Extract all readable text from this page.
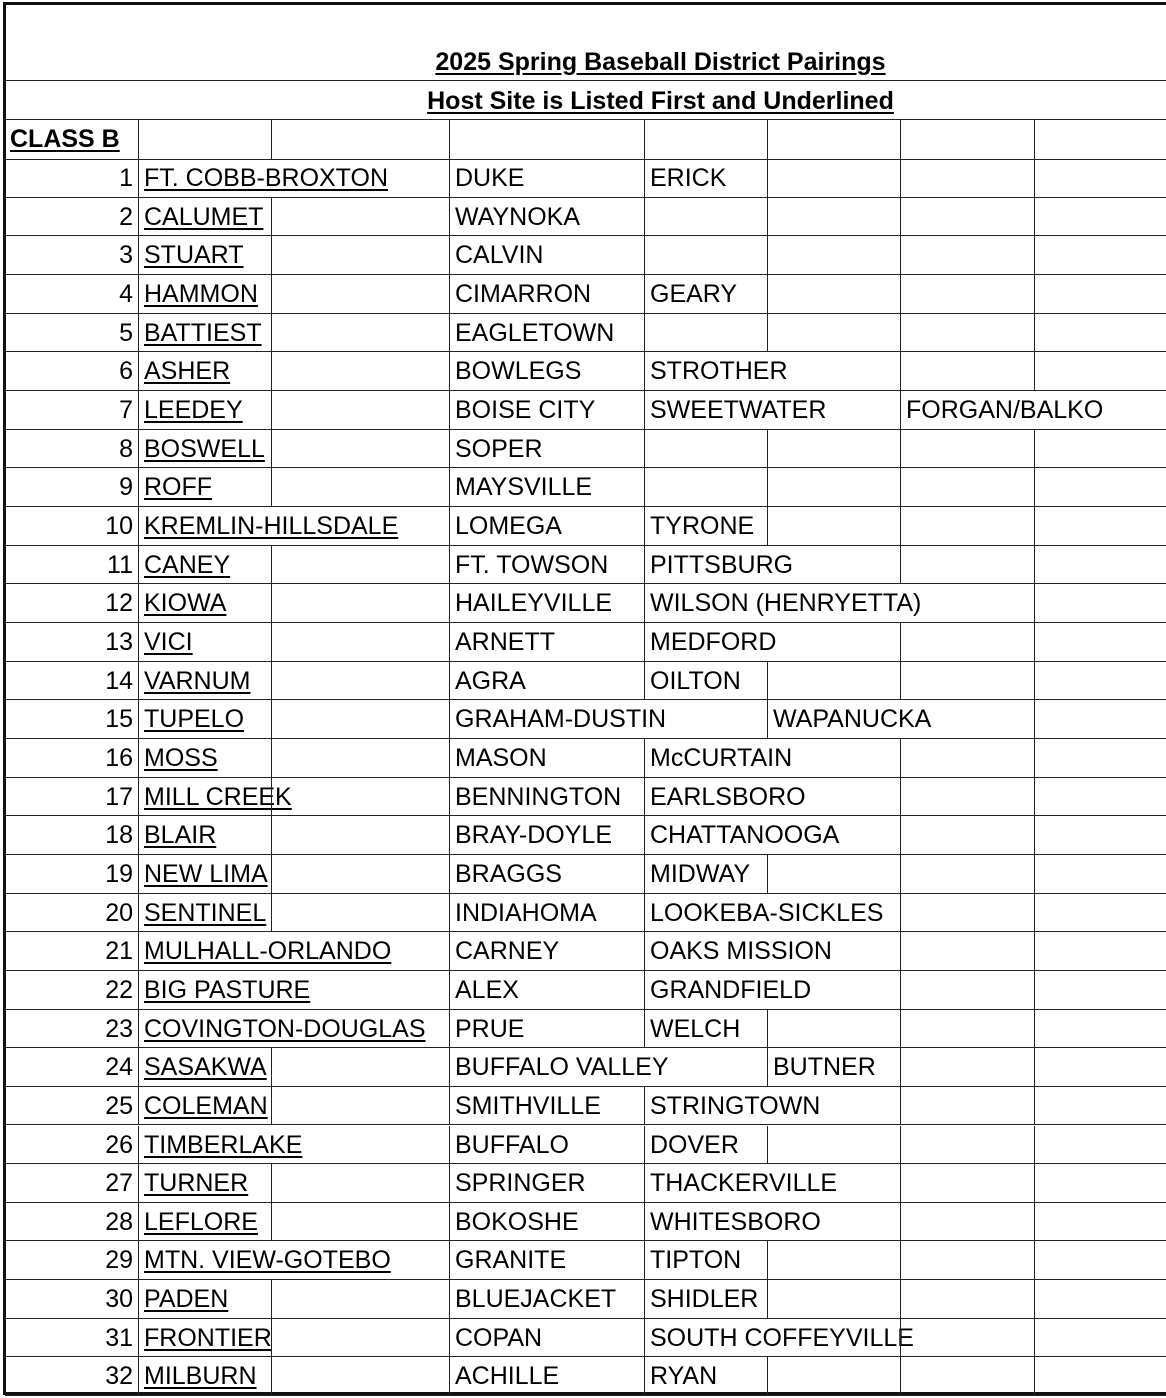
2025 Spring Baseball District Pairings
Host Site is Listed First and Underlined
CLASS B
1 FT. COBB-BROXTON	DUKE	ERICK
2 CALUMET	WAYNOKA
3 STUART	CALVIN
4 HAMMON	CIMARRON	GEARY
5 BATTIEST	EAGLETOWN
6 ASHER	BOWLEGS	STROTHER
7 LEEDEY	BOISE CITY	SWEETWATER	FORGAN/BALKO
8 BOSWELL	SOPER
9 ROFF	MAYSVILLE
10 KREMLIN-HILLSDALE	LOMEGA	TYRONE
11 CANEY	FT. TOWSON	PITTSBURG
12 KIOWA	HAILEYVILLE	WILSON (HENRYETTA)
13 VICI	ARNETT	MEDFORD
14 VARNUM	AGRA	OILTON
15 TUPELO	GRAHAM-DUSTIN	WAPANUCKA
16 MOSS	MASON	McCURTAIN
17 MILL CREEK	BENNINGTON	EARLSBORO
18 BLAIR	BRAY-DOYLE	CHATTANOOGA
19 NEW LIMA	BRAGGS	MIDWAY
20 SENTINEL	INDIAHOMA	LOOKEBA-SICKLES
21 MULHALL-ORLANDO	CARNEY	OAKS MISSION
22 BIG PASTURE	ALEX	GRANDFIELD
23 COVINGTON-DOUGLAS	PRUE	WELCH
24 SASAKWA	BUFFALO VALLEY	BUTNER
25 COLEMAN	SMITHVILLE	STRINGTOWN
26 TIMBERLAKE	BUFFALO	DOVER
27 TURNER	SPRINGER	THACKERVILLE
28 LEFLORE	BOKOSHE	WHITESBORO
29 MTN. VIEW-GOTEBO	GRANITE	TIPTON
30 PADEN	BLUEJACKET	SHIDLER
31 FRONTIER	COPAN	SOUTH COFFEYVILLE
32 MILBURN	ACHILLE	RYAN
